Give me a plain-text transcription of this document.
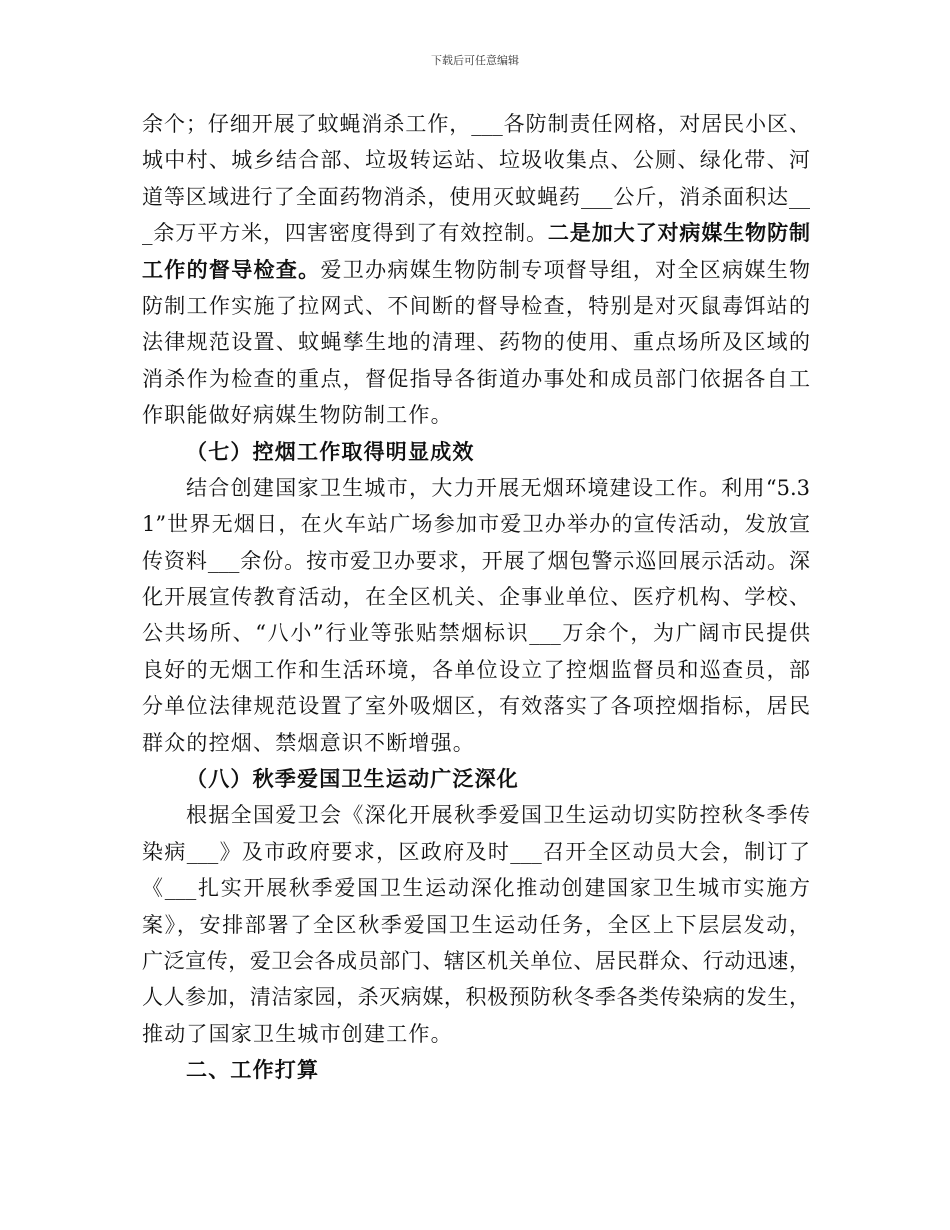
下载后可任意编辑
余个；仔细开展了蚊蝇消杀工作，___各防制责任网格，对居民小区、
城中村、城乡结合部、垃圾转运站、垃圾收集点、公厕、绿化带、河
道等区域进行了全面药物消杀，使用灭蚊蝇药___公斤，消杀面积达__
_余万平方米，四害密度得到了有效控制。二是加大了对病媒生物防制
工作的督导检查。爱卫办病媒生物防制专项督导组，对全区病媒生物
防制工作实施了拉网式、不间断的督导检查，特别是对灭鼠毒饵站的
法律规范设置、蚊蝇孳生地的清理、药物的使用、重点场所及区域的
消杀作为检查的重点，督促指导各街道办事处和成员部门依据各自工
作职能做好病媒生物防制工作。
（七）控烟工作取得明显成效
结合创建国家卫生城市，大力开展无烟环境建设工作。利用“5.3
1”世界无烟日，在火车站广场参加市爱卫办举办的宣传活动，发放宣
传资料___余份。按市爱卫办要求，开展了烟包警示巡回展示活动。深
化开展宣传教育活动，在全区机关、企事业单位、医疗机构、学校、
公共场所、“八小”行业等张贴禁烟标识___万余个，为广阔市民提供
良好的无烟工作和生活环境，各单位设立了控烟监督员和巡查员，部
分单位法律规范设置了室外吸烟区，有效落实了各项控烟指标，居民
群众的控烟、禁烟意识不断增强。
（八）秋季爱国卫生运动广泛深化
根据全国爱卫会《深化开展秋季爱国卫生运动切实防控秋冬季传
染病___》及市政府要求，区政府及时___召开全区动员大会，制订了
《___扎实开展秋季爱国卫生运动深化推动创建国家卫生城市实施方
案》，安排部署了全区秋季爱国卫生运动任务，全区上下层层发动，
广泛宣传，爱卫会各成员部门、辖区机关单位、居民群众、行动迅速，
人人参加，清洁家园，杀灭病媒，积极预防秋冬季各类传染病的发生，
推动了国家卫生城市创建工作。
二、工作打算
